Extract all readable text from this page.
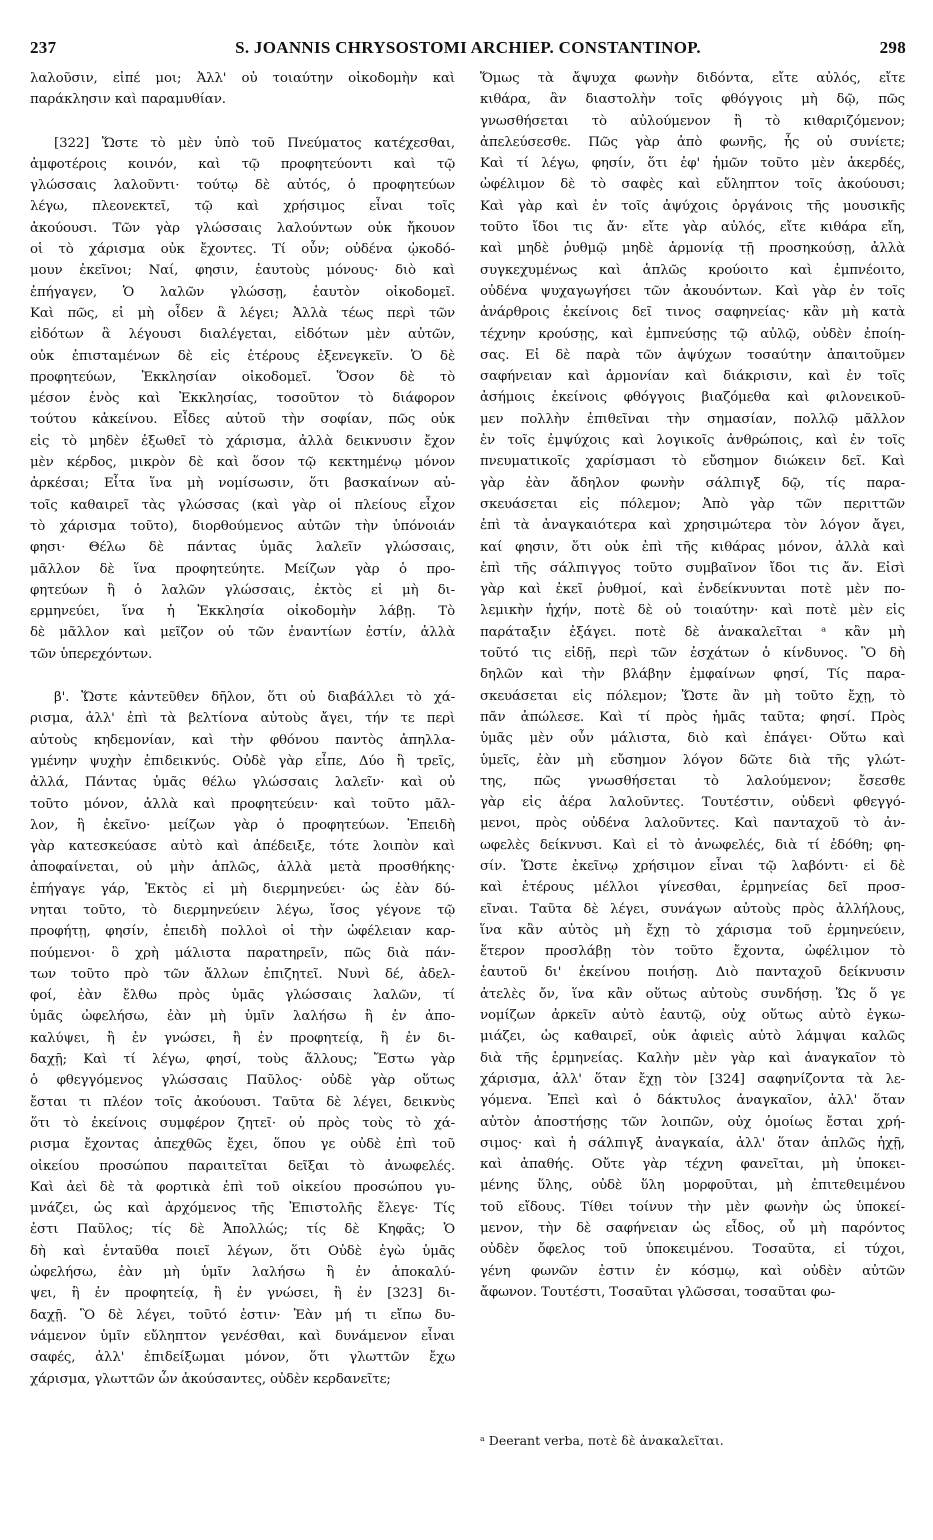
237	S. JOANNIS CHRYSOSTOMI ARCHIEP. CONSTANTINOP.	298
λαλοῦσιν, εἰπέ μοι; Ἀλλ' οὐ τοιαύτην οἰκοδομὴν καὶ
παράκλησιν καὶ παραμυθίαν.
[322] Ὥστε τὸ μὲν ὑπὸ τοῦ Πνεύματος κατέχεσθαι,
ἀμφοτέροις κοινόν, καὶ τῷ προφητεύοντι καὶ τῷ
γλώσσαις λαλοῦντι· τούτῳ δὲ αὐτός, ὁ προφητεύων
λέγω, πλεονεκτεῖ, τῷ καὶ χρήσιμος εἶναι τοῖς
ἀκούουσι. Τῶν γὰρ γλώσσαις λαλούντων οὐκ ἤκουον
οἱ τὸ χάρισμα οὐκ ἔχοντες. Τί οὖν; οὐδένα ᾠκοδό-
μουν ἐκεῖνοι; Ναί, φησιν, ἑαυτοὺς μόνους· διὸ καὶ
ἐπήγαγεν, Ὁ λαλῶν γλώσσῃ, ἑαυτὸν οἰκοδομεῖ.
Καὶ πῶς, εἰ μὴ οἶδεν ἃ λέγει; Ἀλλὰ τέως περὶ τῶν
εἰδότων ἃ λέγουσι διαλέγεται, εἰδότων μὲν αὐτῶν,
οὐκ ἐπισταμένων δὲ εἰς ἑτέρους ἐξενεγκεῖν. Ὁ δὲ
προφητεύων, Ἐκκλησίαν οἰκοδομεῖ. Ὅσον δὲ τὸ
μέσον ἑνὸς καὶ Ἐκκλησίας, τοσοῦτον τὸ διάφορον
τούτου κἀκείνου. Εἶδες αὐτοῦ τὴν σοφίαν, πῶς οὐκ
εἰς τὸ μηδὲν ἐξωθεῖ τὸ χάρισμα, ἀλλὰ δεικνυσιν ἔχον
μὲν κέρδος, μικρὸν δὲ καὶ ὅσον τῷ κεκτημένῳ μόνον
ἀρκέσαι; Εἶτα ἵνα μὴ νομίσωσιν, ὅτι βασκαίνων αὐ-
τοῖς καθαιρεῖ τὰς γλώσσας (καὶ γὰρ οἱ πλείους εἶχον
τὸ χάρισμα τοῦτο), διορθούμενος αὐτῶν τὴν ὑπόνοιάν
φησι· Θέλω δὲ πάντας ὑμᾶς λαλεῖν γλώσσαις,
μᾶλλον δὲ ἵνα προφητεύητε. Μείζων γὰρ ὁ προ-
φητεύων ἢ ὁ λαλῶν γλώσσαις, ἐκτὸς εἰ μὴ δι-
ερμηνεύει, ἵνα ἡ Ἐκκλησία οἰκοδομὴν λάβῃ. Τὸ
δὲ μᾶλλον καὶ μεῖζον οὐ τῶν ἐναντίων ἐστίν, ἀλλὰ
τῶν ὑπερεχόντων.
β'. Ὥστε κἀντεῦθεν δῆλον, ὅτι οὐ διαβάλλει τὸ χά-
ρισμα, ἀλλ' ἐπὶ τὰ βελτίονα αὐτοὺς ἄγει, τήν τε περὶ
αὐτοὺς κηδεμονίαν, καὶ τὴν φθόνου παντὸς ἀπηλλα-
γμένην ψυχὴν ἐπιδεικνύς. Οὐδὲ γὰρ εἶπε, Δύο ἢ τρεῖς,
ἀλλά, Πάντας ὑμᾶς θέλω γλώσσαις λαλεῖν· καὶ οὐ
τοῦτο μόνον, ἀλλὰ καὶ προφητεύειν· καὶ τοῦτο μᾶλ-
λον, ἢ ἐκεῖνο· μείζων γὰρ ὁ προφητεύων. Ἐπειδὴ
γὰρ κατεσκεύασε αὐτὸ καὶ ἀπέδειξε, τότε λοιπὸν καὶ
ἀποφαίνεται, οὐ μὴν ἁπλῶς, ἀλλὰ μετὰ προσθήκης·
ἐπήγαγε γάρ, Ἐκτὸς εἰ μὴ διερμηνεύει· ὡς ἐὰν δύ-
νηται τοῦτο, τὸ διερμηνεύειν λέγω, ἴσος γέγονε τῷ
προφήτῃ, φησίν, ἐπειδὴ πολλοὶ οἱ τὴν ὠφέλειαν καρ-
πούμενοι· ὃ χρὴ μάλιστα παρατηρεῖν, πῶς διὰ πάν-
των τοῦτο πρὸ τῶν ἄλλων ἐπιζητεῖ. Νυνὶ δέ, ἀδελ-
φοί, ἐὰν ἔλθω πρὸς ὑμᾶς γλώσσαις λαλῶν, τί
ὑμᾶς ὠφελήσω, ἐὰν μὴ ὑμῖν λαλήσω ἢ ἐν ἀπο-
καλύψει, ἢ ἐν γνώσει, ἢ ἐν προφητείᾳ, ἢ ἐν δι-
δαχῇ; Καὶ τί λέγω, φησί, τοὺς ἄλλους; Ἔστω γὰρ
ὁ φθεγγόμενος γλώσσαις Παῦλος· οὐδὲ γὰρ οὕτως
ἔσται τι πλέον τοῖς ἀκούουσι. Ταῦτα δὲ λέγει, δεικνὺς
ὅτι τὸ ἐκείνοις συμφέρον ζητεῖ· οὐ πρὸς τοὺς τὸ χά-
ρισμα ἔχοντας ἀπεχθῶς ἔχει, ὅπου γε οὐδὲ ἐπὶ τοῦ
οἰκείου προσώπου παραιτεῖται δεῖξαι τὸ ἀνωφελές.
Καὶ ἀεὶ δὲ τὰ φορτικὰ ἐπὶ τοῦ οἰκείου προσώπου γυ-
μνάζει, ὡς καὶ ἀρχόμενος τῆς Ἐπιστολῆς ἔλεγε· Τίς
ἐστι Παῦλος; τίς δὲ Ἀπολλώς; τίς δὲ Κηφᾶς; Ὁ
δὴ καὶ ἐνταῦθα ποιεῖ λέγων, ὅτι Οὐδὲ ἐγὼ ὑμᾶς
ὠφελήσω, ἐὰν μὴ ὑμῖν λαλήσω ἢ ἐν ἀποκαλύ-
ψει, ἢ ἐν προφητείᾳ, ἢ ἐν γνώσει, ἢ ἐν [323] δι-
δαχῇ. Ὃ δὲ λέγει, τοῦτό ἐστιν· Ἐὰν μή τι εἴπω δυ-
νάμενον ὑμῖν εὔληπτον γενέσθαι, καὶ δυνάμενον εἶναι
σαφές, ἀλλ' ἐπιδείξωμαι μόνον, ὅτι γλωττῶν ἔχω
χάρισμα, γλωττῶν ὧν ἀκούσαντες, οὐδὲν κερδανεῖτε;
Ὅμως τὰ ἄψυχα φωνὴν διδόντα, εἴτε αὐλός, εἴτε
κιθάρα, ἂν διαστολὴν τοῖς φθόγγοις μὴ δῷ, πῶς
γνωσθήσεται τὸ αὐλούμενον ἢ τὸ κιθαριζόμενον;
ἀπελεύσεσθε. Πῶς γὰρ ἀπὸ φωνῆς, ἧς οὐ συνίετε;
Καὶ τί λέγω, φησίν, ὅτι ἐφ' ἡμῶν τοῦτο μὲν ἀκερδές,
ὠφέλιμον δὲ τὸ σαφὲς καὶ εὔληπτον τοῖς ἀκούουσι;
Καὶ γὰρ καὶ ἐν τοῖς ἀψύχοις ὀργάνοις τῆς μουσικῆς
τοῦτο ἴδοι τις ἄν· εἴτε γὰρ αὐλός, εἴτε κιθάρα εἴη,
καὶ μηδὲ ῥυθμῷ μηδὲ ἁρμονίᾳ τῇ προσηκούσῃ, ἀλλὰ
συγκεχυμένως καὶ ἁπλῶς κρούοιτο καὶ ἐμπνέοιτο,
οὐδένα ψυχαγωγήσει τῶν ἀκουόντων. Καὶ γὰρ ἐν τοῖς
ἀνάρθροις ἐκείνοις δεῖ τινος σαφηνείας· κἂν μὴ κατὰ
τέχνην κρούσῃς, καὶ ἐμπνεύσῃς τῷ αὐλῷ, οὐδὲν ἐποίη-
σας. Εἰ δὲ παρὰ τῶν ἀψύχων τοσαύτην ἀπαιτοῦμεν
σαφήνειαν καὶ ἁρμονίαν καὶ διάκρισιν, καὶ ἐν τοῖς
ἀσήμοις ἐκείνοις φθόγγοις βιαζόμεθα καὶ φιλονεικοῦ-
μεν πολλὴν ἐπιθεῖναι τὴν σημασίαν, πολλῷ μᾶλλον
ἐν τοῖς ἐμψύχοις καὶ λογικοῖς ἀνθρώποις, καὶ ἐν τοῖς
πνευματικοῖς χαρίσμασι τὸ εὔσημον διώκειν δεῖ. Καὶ
γὰρ ἐὰν ἄδηλον φωνὴν σάλπιγξ δῷ, τίς παρα-
σκευάσεται εἰς πόλεμον; Ἀπὸ γὰρ τῶν περιττῶν
ἐπὶ τὰ ἀναγκαιότερα καὶ χρησιμώτερα τὸν λόγον ἄγει,
καί φησιν, ὅτι οὐκ ἐπὶ τῆς κιθάρας μόνον, ἀλλὰ καὶ
ἐπὶ τῆς σάλπιγγος τοῦτο συμβαῖνον ἴδοι τις ἄν. Εἰσὶ
γὰρ καὶ ἐκεῖ ῥυθμοί, καὶ ἐνδείκνυνται ποτὲ μὲν πο-
λεμικὴν ἠχήν, ποτὲ δὲ οὐ τοιαύτην· καὶ ποτὲ μὲν εἰς
παράταξιν ἐξάγει. ποτὲ δὲ ἀνακαλεῖται ᵃ κἂν μὴ
τοῦτό τις εἰδῇ, περὶ τῶν ἐσχάτων ὁ κίνδυνος. Ὃ δὴ
δηλῶν καὶ τὴν βλάβην ἐμφαίνων φησί, Τίς παρα-
σκευάσεται εἰς πόλεμον; Ὥστε ἂν μὴ τοῦτο ἔχῃ, τὸ
πᾶν ἀπώλεσε. Καὶ τί πρὸς ἡμᾶς ταῦτα; φησί. Πρὸς
ὑμᾶς μὲν οὖν μάλιστα, διὸ καὶ ἐπάγει· Οὕτω καὶ
ὑμεῖς, ἐὰν μὴ εὔσημον λόγον δῶτε διὰ τῆς γλώτ-
της, πῶς γνωσθήσεται τὸ λαλούμενον; ἔσεσθε
γὰρ εἰς ἀέρα λαλοῦντες. Τουτέστιν, οὐδενὶ φθεγγό-
μενοι, πρὸς οὐδένα λαλοῦντες. Καὶ πανταχοῦ τὸ ἀν-
ωφελὲς δείκνυσι. Καὶ εἰ τὸ ἀνωφελές, διὰ τί ἐδόθη; φη-
σίν. Ὥστε ἐκεῖνῳ χρήσιμον εἶναι τῷ λαβόντι· εἰ δὲ
καὶ ἑτέρους μέλλοι γίνεσθαι, ἑρμηνείας δεῖ προσ-
εῖναι. Ταῦτα δὲ λέγει, συνάγων αὐτοὺς πρὸς ἀλλήλους,
ἵνα κἂν αὐτὸς μὴ ἔχῃ τὸ χάρισμα τοῦ ἑρμηνεύειν,
ἕτερον προσλάβῃ τὸν τοῦτο ἔχοντα, ὠφέλιμον τὸ
ἑαυτοῦ δι' ἐκείνου ποιήσῃ. Διὸ πανταχοῦ δείκνυσιν
ἀτελὲς ὄν, ἵνα κἂν οὕτως αὐτοὺς συνδήσῃ. Ὥς ὅ γε
νομίζων ἀρκεῖν αὐτὸ ἑαυτῷ, οὐχ οὕτως αὐτὸ ἐγκω-
μιάζει, ὡς καθαιρεῖ, οὐκ ἀφιεὶς αὐτὸ λάμψαι καλῶς
διὰ τῆς ἑρμηνείας. Καλὴν μὲν γὰρ καὶ ἀναγκαῖον τὸ
χάρισμα, ἀλλ' ὅταν ἔχῃ τὸν [324] σαφηνίζοντα τὰ λε-
γόμενα. Ἐπεὶ καὶ ὁ δάκτυλος ἀναγκαῖον, ἀλλ' ὅταν
αὐτὸν ἀποστήσῃς τῶν λοιπῶν, οὐχ ὁμοίως ἔσται χρή-
σιμος· καὶ ἡ σάλπιγξ ἀναγκαία, ἀλλ' ὅταν ἁπλῶς ἠχῇ,
καὶ ἀπαθής. Οὔτε γὰρ τέχνη φανεῖται, μὴ ὑποκει-
μένης ὕλης, οὐδὲ ὕλη μορφοῦται, μὴ ἐπιτεθειμένου
τοῦ εἴδους. Τίθει τοίνυν τὴν μὲν φωνὴν ὡς ὑποκεί-
μενον, τὴν δὲ σαφήνειαν ὡς εἶδος, οὗ μὴ παρόντος
οὐδὲν ὄφελος τοῦ ὑποκειμένου. Τοσαῦτα, εἰ τύχοι,
γένη φωνῶν ἐστιν ἐν κόσμῳ, καὶ οὐδὲν αὐτῶν
ἄφωνον. Τουτέστι, Τοσαῦται γλῶσσαι, τοσαῦται φω-
ᵃ Deerant verba, ποτὲ δὲ ἀνακαλεῖται.
